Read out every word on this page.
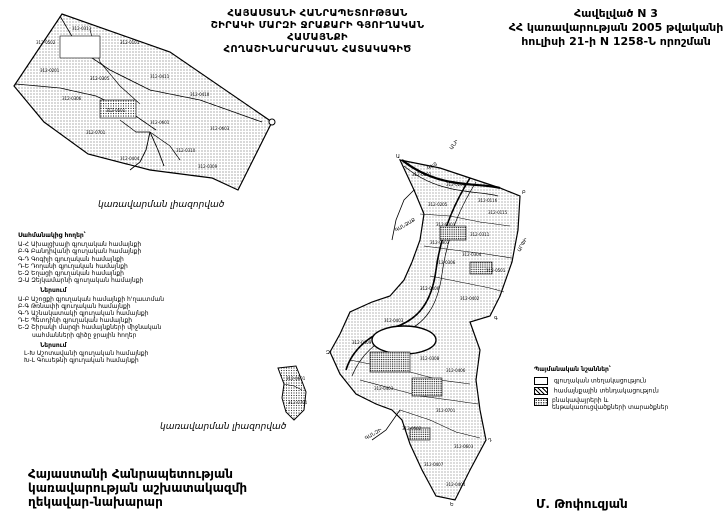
ՀԱՅԱՍՏԱՆԻ ՀԱՆՐԱՊԵՏՈՒԹՅԱՆ
ՇԻՐԱԿԻ ՄԱՐԶԻ ՋՐԱՔԱՐԻ ԳՅՈՒՂԱԿԱՆ ՀԱՄԱՅՆՔԻ
ՀՈՂԱՇԻՆԱՐԱՐԱԿԱՆ ՀԱՏԱԿԱԳԻԾ
Հավելված N 3
ՀՀ կառավարության 2005 թվականի
հուլիսի 21-ի N 1258-Ն որոշման
312-0502
312-0313
312-0101
312-0201
312-0305	312-0411
312-0410
312-0306
312-0501
312-0603
312-0701
312-0310
312-0309
312-0404
312-0601
կառավարման լիազորված
ԳԵՏ
ԳԱՆՁԱՔ
ԱՐՓԻ
ԳԱՆԶԻ
ԱՆԻ
312-0102
312-0201
312-0116
312-0205
312-0115
312-0301
312-0311
312-0302
312-0304
312-0306
312-0501
312-0408
312-0402
312-0403
312-0409
312-0308
312-0406
312-0403
312-0701
312-0502
312-0603
312-0407
312-0404
Ա
Բ
Գ
Դ
Ե
Զ
312-0601
312-0701
կառավարման լիազորված
Սահմանակից հողեր՝
Ա-Հ Ախալցխայի գյուղական համայնքի
Բ-Գ Բանդիվանի գյուղական համայնքի
Գ-Դ Գոգիյի գյուղական համայնքի
Դ-Ե Դողանի գյուղական համայնքի
Ե-Զ Եղացի գյուղական համայնքի
Զ-Ա Զեյկամարնի գյուղական համայնքի
Ներսում
Ա-Բ Աշոցքի գյուղական համայնքի հ'ղաւտման
Բ-Գ Թռնափի գյուղական համայնքի
Գ-Դ Աշնակատակի գյուղական համայնքի
Դ-Ե Պետդինի գյուղական համայնքի
Ե-Զ Շիրակի մարզի համայնքների միջնական
սահմանների գիծը ջրային հողեր
Ներսում
Լ-Խ Աշոտավանի գյուղական համայնքի
Խ-Լ Գուսեթնի գյուղական համայնքի
Պայմանական նշաններ՝
գյուղական տեղակացություն
համայնքային տենդակացություն
բնակավայրերի և ենթակառուցվածքների տարածքներ
Հայաստանի Հանրապետության
կառավարության աշխատակազմի
ղեկավար-նախարար	Մ. Թոփուզյան
